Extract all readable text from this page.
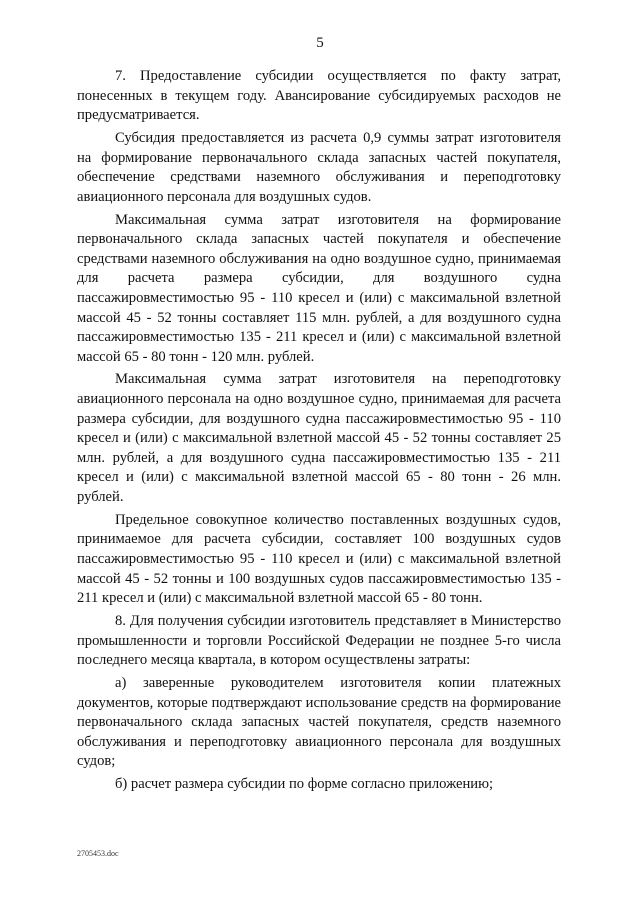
5

7. Предоставление субсидии осуществляется по факту затрат, понесенных в текущем году. Авансирование субсидируемых расходов не предусматривается.

Субсидия предоставляется из расчета 0,9 суммы затрат изготовителя на формирование первоначального склада запасных частей покупателя, обеспечение средствами наземного обслуживания и переподготовку авиационного персонала для воздушных судов.

Максимальная сумма затрат изготовителя на формирование первоначального склада запасных частей покупателя и обеспечение средствами наземного обслуживания на одно воздушное судно, принимаемая для расчета размера субсидии, для воздушного судна пассажировместимостью 95 - 110 кресел и (или) с максимальной взлетной массой 45 - 52 тонны составляет 115 млн. рублей, а для воздушного судна пассажировместимостью 135 - 211 кресел и (или) с максимальной взлетной массой 65 - 80 тонн - 120 млн. рублей.

Максимальная сумма затрат изготовителя на переподготовку авиационного персонала на одно воздушное судно, принимаемая для расчета размера субсидии, для воздушного судна пассажировместимостью 95 - 110 кресел и (или) с максимальной взлетной массой 45 - 52 тонны составляет 25 млн. рублей, а для воздушного судна пассажировместимостью 135 - 211 кресел и (или) с максимальной взлетной массой 65 - 80 тонн - 26 млн. рублей.

Предельное совокупное количество поставленных воздушных судов, принимаемое для расчета субсидии, составляет 100 воздушных судов пассажировместимостью 95 - 110 кресел и (или) с максимальной взлетной массой 45 - 52 тонны и 100 воздушных судов пассажировместимостью 135 - 211 кресел и (или) с максимальной взлетной массой 65 - 80 тонн.

8. Для получения субсидии изготовитель представляет в Министерство промышленности и торговли Российской Федерации не позднее 5-го числа последнего месяца квартала, в котором осуществлены затраты:

а) заверенные руководителем изготовителя копии платежных документов, которые подтверждают использование средств на формирование первоначального склада запасных частей покупателя, средств наземного обслуживания и переподготовку авиационного персонала для воздушных судов;

б) расчет размера субсидии по форме согласно приложению;

2705453.doc
